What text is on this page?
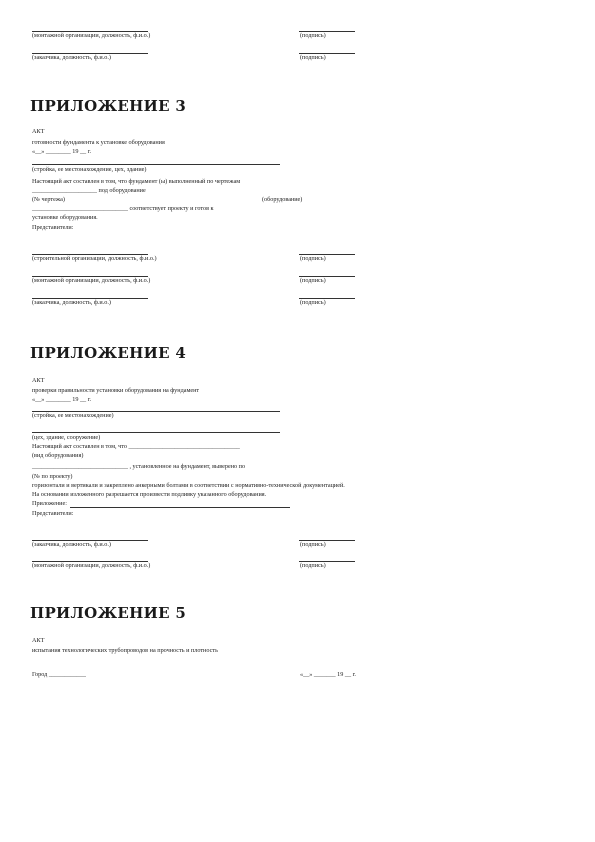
(монтажной организации, должность, ф.и.о.)	(подпись)
(заказчика, должность, ф.и.о.)	(подпись)
ПРИЛОЖЕНИЕ 3
АКТ
готовности фундамента к установке оборудования
«__» ________ 19 __ г.
(стройка, ее местонахождение, цех, здание)
Настоящий акт составлен в том, что фундамент (ы) выполненный по чертежам
_____________________ под оборудование
(№ чертежа)	(оборудование)
_______________________________ соответствует проекту и готов к
установке оборудования.
Представители:
(строительной организации, должность, ф.и.о.)	(подпись)
(монтажной организации, должность, ф.и.о.)	(подпись)
(заказчика, должность, ф.и.о.)	(подпись)
ПРИЛОЖЕНИЕ 4
АКТ
проверки правильности установки оборудования на фундамент
«__» ________ 19 __ г.
(стройка, ее местонахождение)
(цех, здание, сооружение)
Настоящий акт составлен в том, что ____________________________________
(вид оборудования)
_______________________________ , установленное на фундамент, выверено по
(№ по проекту)
горизонтали и вертикали и закреплено анкерными болтами в соответствии с нормативно-технической документацией.
На основании изложенного разрешается произвести подливку указанного оборудования.
Приложение:
Представители:
(заказчика, должность, ф.и.о.)	(подпись)
(монтажной организации, должность, ф.и.о.)	(подпись)
ПРИЛОЖЕНИЕ 5
АКТ
испытания технологических трубопроводов на прочность и плотность
Город ____________	«__» _______ 19 __ г.
